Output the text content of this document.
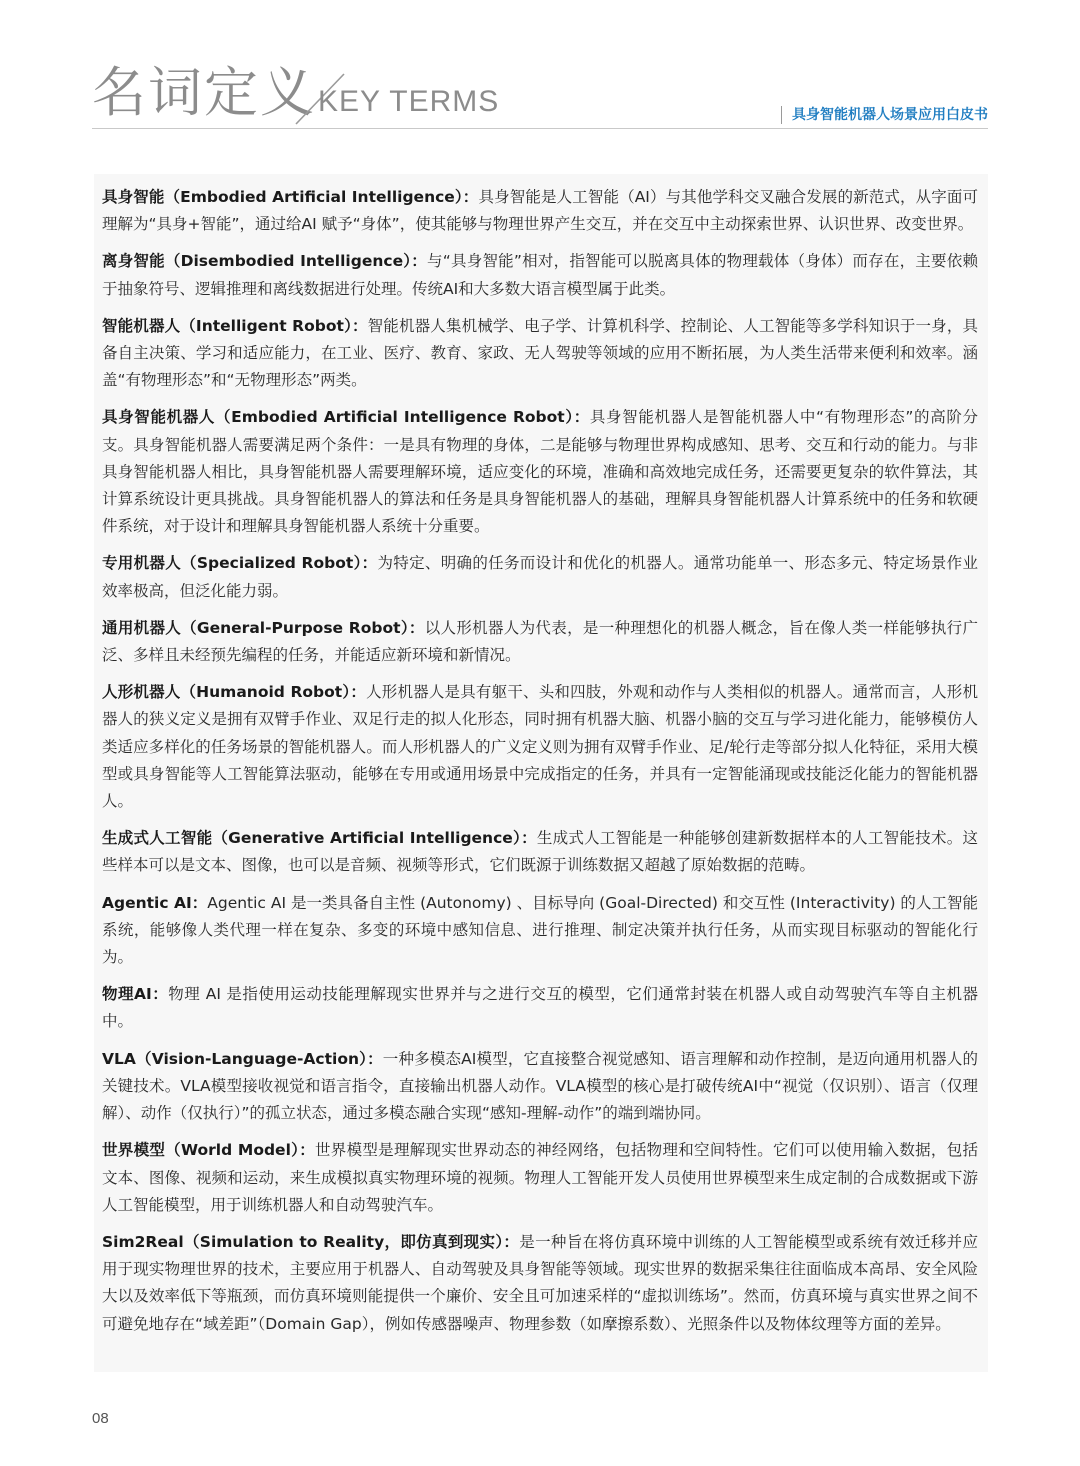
名词定义 KEY TERMS	具身智能机器人场景应用白皮书

具身智能（Embodied Artificial Intelligence）：具身智能是人工智能（AI）与其他学科交叉融合发展的新范式，从字面可理解为“具身+智能”，通过给AI 赋予“身体”，使其能够与物理世界产生交互，并在交互中主动探索世界、认识世界、改变世界。

离身智能（Disembodied Intelligence）：与“具身智能”相对，指智能可以脱离具体的物理载体（身体）而存在，主要依赖于抽象符号、逻辑推理和离线数据进行处理。传统AI和大多数大语言模型属于此类。

智能机器人（Intelligent Robot）：智能机器人集机械学、电子学、计算机科学、控制论、人工智能等多学科知识于一身，具备自主决策、学习和适应能力，在工业、医疗、教育、家政、无人驾驶等领域的应用不断拓展，为人类生活带来便利和效率。涵盖“有物理形态”和“无物理形态”两类。

具身智能机器人（Embodied Artificial Intelligence Robot）：具身智能机器人是智能机器人中“有物理形态”的高阶分支。具身智能机器人需要满足两个条件：一是具有物理的身体，二是能够与物理世界构成感知、思考、交互和行动的能力。与非具身智能机器人相比，具身智能机器人需要理解环境，适应变化的环境，准确和高效地完成任务，还需要更复杂的软件算法，其计算系统设计更具挑战。具身智能机器人的算法和任务是具身智能机器人的基础，理解具身智能机器人计算系统中的任务和软硬件系统，对于设计和理解具身智能机器人系统十分重要。

专用机器人（Specialized Robot）：为特定、明确的任务而设计和优化的机器人。通常功能单一、形态多元、特定场景作业效率极高，但泛化能力弱。

通用机器人（General-Purpose Robot）：以人形机器人为代表，是一种理想化的机器人概念，旨在像人类一样能够执行广泛、多样且未经预先编程的任务，并能适应新环境和新情况。

人形机器人（Humanoid Robot）：人形机器人是具有躯干、头和四肢，外观和动作与人类相似的机器人。通常而言，人形机器人的狭义定义是拥有双臂手作业、双足行走的拟人化形态，同时拥有机器大脑、机器小脑的交互与学习进化能力，能够模仿人类适应多样化的任务场景的智能机器人。而人形机器人的广义定义则为拥有双臂手作业、足/轮行走等部分拟人化特征，采用大模型或具身智能等人工智能算法驱动，能够在专用或通用场景中完成指定的任务，并具有一定智能涌现或技能泛化能力的智能机器人。

生成式人工智能（Generative Artificial Intelligence）：生成式人工智能是一种能够创建新数据样本的人工智能技术。这些样本可以是文本、图像，也可以是音频、视频等形式，它们既源于训练数据又超越了原始数据的范畴。

Agentic AI：Agentic AI 是一类具备自主性 (Autonomy) 、目标导向 (Goal-Directed) 和交互性 (Interactivity) 的人工智能系统，能够像人类代理一样在复杂、多变的环境中感知信息、进行推理、制定决策并执行任务，从而实现目标驱动的智能化行为。

物理AI：物理 AI 是指使用运动技能理解现实世界并与之进行交互的模型，它们通常封装在机器人或自动驾驶汽车等自主机器中。

VLA（Vision-Language-Action）：一种多模态AI模型，它直接整合视觉感知、语言理解和动作控制，是迈向通用机器人的关键技术。VLA模型接收视觉和语言指令，直接输出机器人动作。VLA模型的核心是打破传统AI中“视觉（仅识别）、语言（仅理解）、动作（仅执行）”的孤立状态，通过多模态融合实现“感知-理解-动作”的端到端协同。

世界模型（World Model）：世界模型是理解现实世界动态的神经网络，包括物理和空间特性。它们可以使用输入数据，包括文本、图像、视频和运动，来生成模拟真实物理环境的视频。物理人工智能开发人员使用世界模型来生成定制的合成数据或下游人工智能模型，用于训练机器人和自动驾驶汽车。

Sim2Real（Simulation to Reality，即仿真到现实）：是一种旨在将仿真环境中训练的人工智能模型或系统有效迁移并应用于现实物理世界的技术，主要应用于机器人、自动驾驶及具身智能等领域。现实世界的数据采集往往面临成本高昂、安全风险大以及效率低下等瓶颈，而仿真环境则能提供一个廉价、安全且可加速采样的“虚拟训练场”。然而，仿真环境与真实世界之间不可避免地存在“域差距”（Domain Gap），例如传感器噪声、物理参数（如摩擦系数）、光照条件以及物体纹理等方面的差异。

08
